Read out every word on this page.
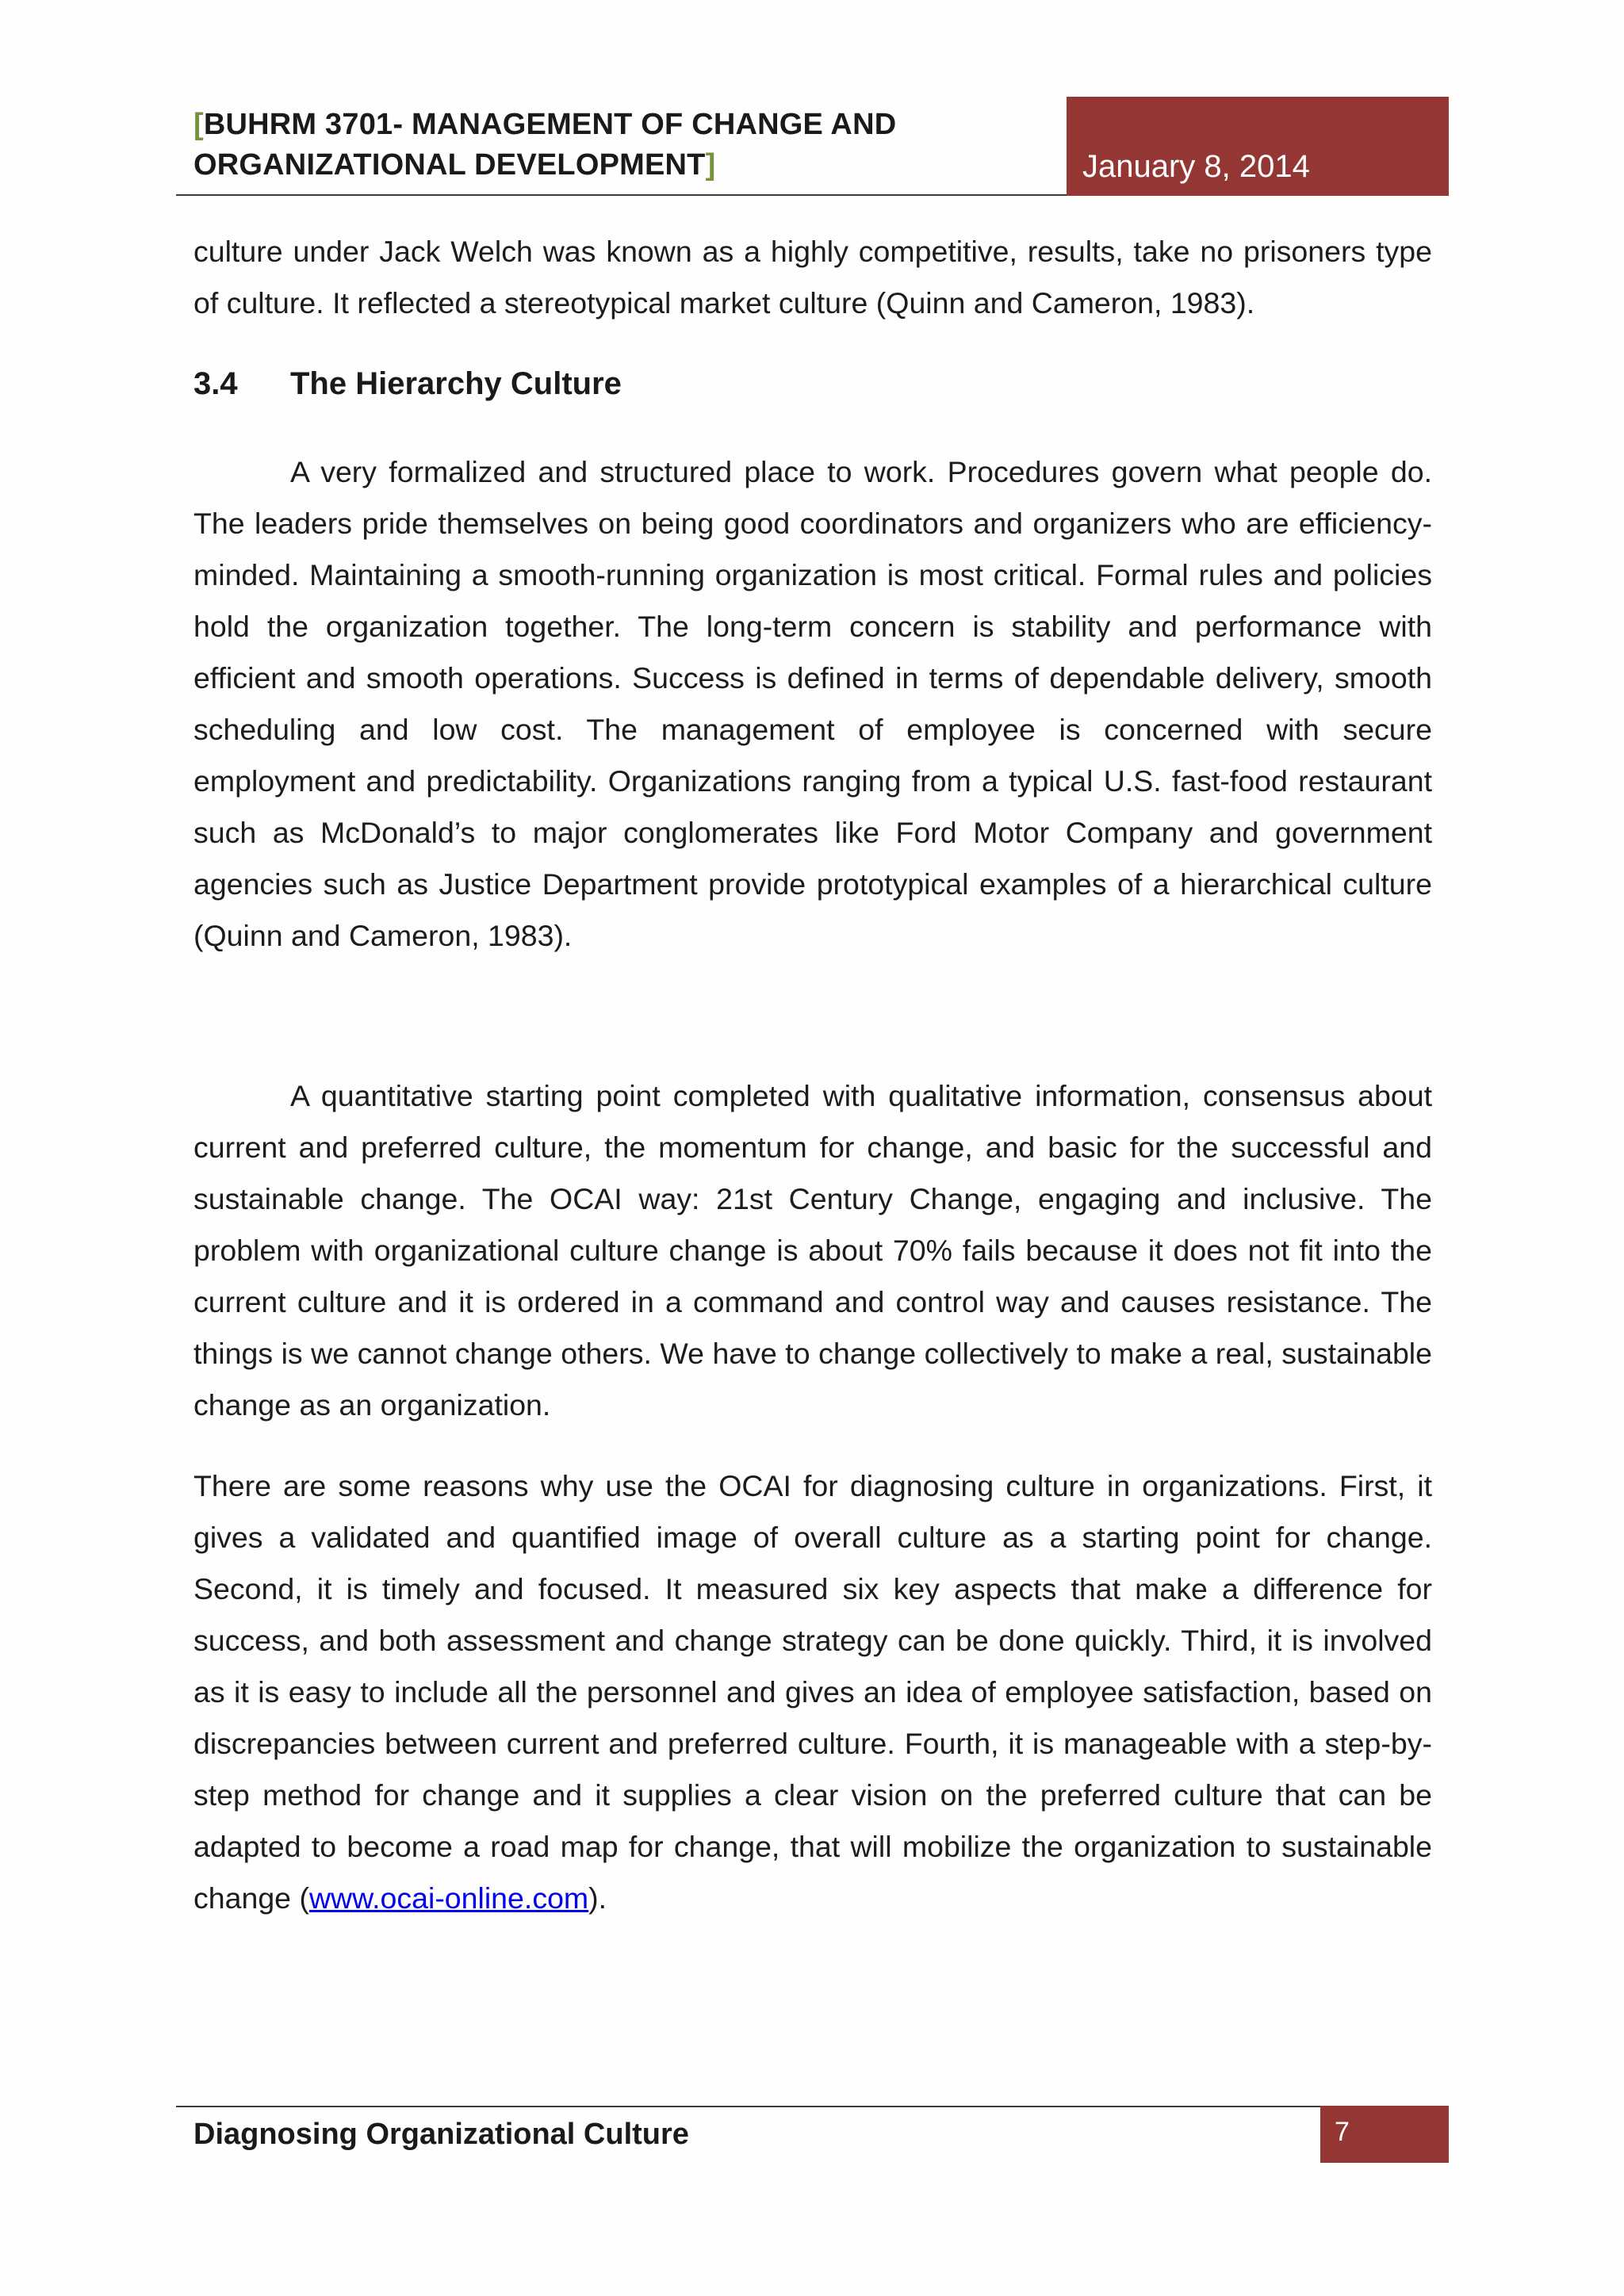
[BUHRM 3701- MANAGEMENT OF CHANGE AND
ORGANIZATIONAL DEVELOPMENT]	January 8, 2014

culture under Jack Welch was known as a highly competitive, results, take no prisoners type of culture. It reflected a stereotypical market culture (Quinn and Cameron, 1983).

3.4 The Hierarchy Culture

A very formalized and structured place to work. Procedures govern what people do. The leaders pride themselves on being good coordinators and organizers who are efficiency-minded. Maintaining a smooth-running organization is most critical. Formal rules and policies hold the organization together. The long-term concern is stability and performance with efficient and smooth operations. Success is defined in terms of dependable delivery, smooth scheduling and low cost. The management of employee is concerned with secure employment and predictability. Organizations ranging from a typical U.S. fast-food restaurant such as McDonald’s to major conglomerates like Ford Motor Company and government agencies such as Justice Department provide prototypical examples of a hierarchical culture (Quinn and Cameron, 1983).

A quantitative starting point completed with qualitative information, consensus about current and preferred culture, the momentum for change, and basic for the successful and sustainable change. The OCAI way: 21st Century Change, engaging and inclusive. The problem with organizational culture change is about 70% fails because it does not fit into the current culture and it is ordered in a command and control way and causes resistance. The things is we cannot change others. We have to change collectively to make a real, sustainable change as an organization.

There are some reasons why use the OCAI for diagnosing culture in organizations. First, it gives a validated and quantified image of overall culture as a starting point for change. Second, it is timely and focused. It measured six key aspects that make a difference for success, and both assessment and change strategy can be done quickly. Third, it is involved as it is easy to include all the personnel and gives an idea of employee satisfaction, based on discrepancies between current and preferred culture. Fourth, it is manageable with a step-by-step method for change and it supplies a clear vision on the preferred culture that can be adapted to become a road map for change, that will mobilize the organization to sustainable change (www.ocai-online.com).

Diagnosing Organizational Culture	7
